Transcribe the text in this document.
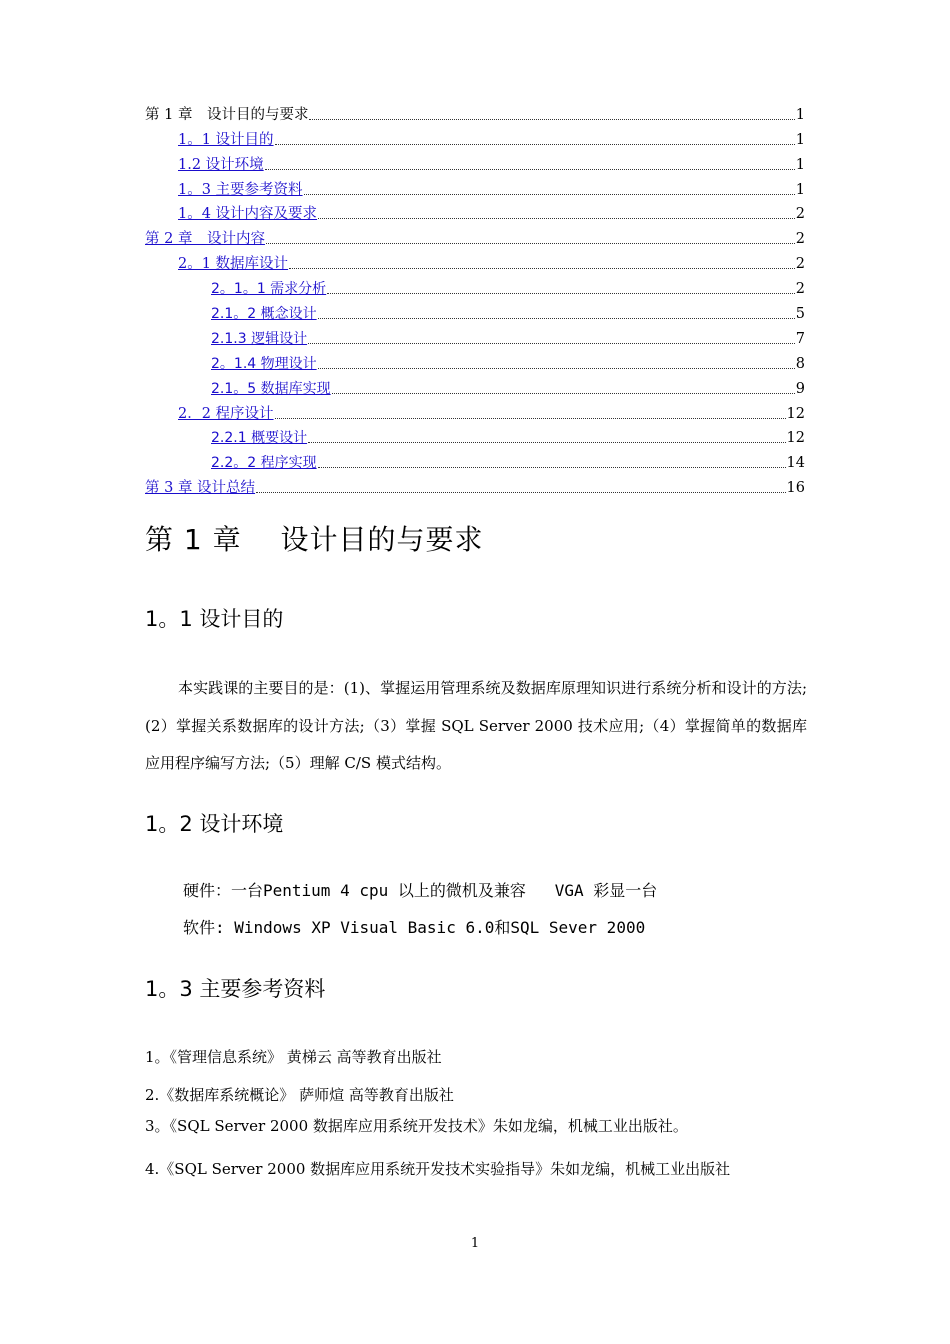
第 1 章　设计目的与要求	1
1。1 设计目的	1
1.2 设计环境	1
1。3 主要参考资料	1
1。4 设计内容及要求	2
第 2 章　设计内容	2
2。1 数据库设计	2
2。1。1 需求分析	2
2.1。2 概念设计	5
2.1.3 逻辑设计	7
2。1.4 物理设计	8
2.1。5 数据库实现	9
2．2 程序设计	12
2.2.1 概要设计	12
2.2。2 程序实现	14
第 3 章 设计总结	16
第 1 章　 设计目的与要求
1。1 设计目的

本实践课的主要目的是：(1)、掌握运用管理系统及数据库原理知识进行系统分析和设计的方法;(2）掌握关系数据库的设计方法;（3）掌握 SQL Server 2000 技术应用;（4）掌握简单的数据库应用程序编写方法;（5）理解 C/S 模式结构。

1。2 设计环境

硬件：一台Pentium 4 cpu 以上的微机及兼容   VGA 彩显一台

软件: Windows XP Visual Basic 6.0和SQL Sever 2000

1。3 主要参考资料

1。《管理信息系统》 黄梯云 高等教育出版社

2.《数据库系统概论》 萨师煊 高等教育出版社

3。《SQL Server 2000 数据库应用系统开发技术》朱如龙编，机械工业出版社。

4.《SQL Server 2000 数据库应用系统开发技术实验指导》朱如龙编，机械工业出版社

1
